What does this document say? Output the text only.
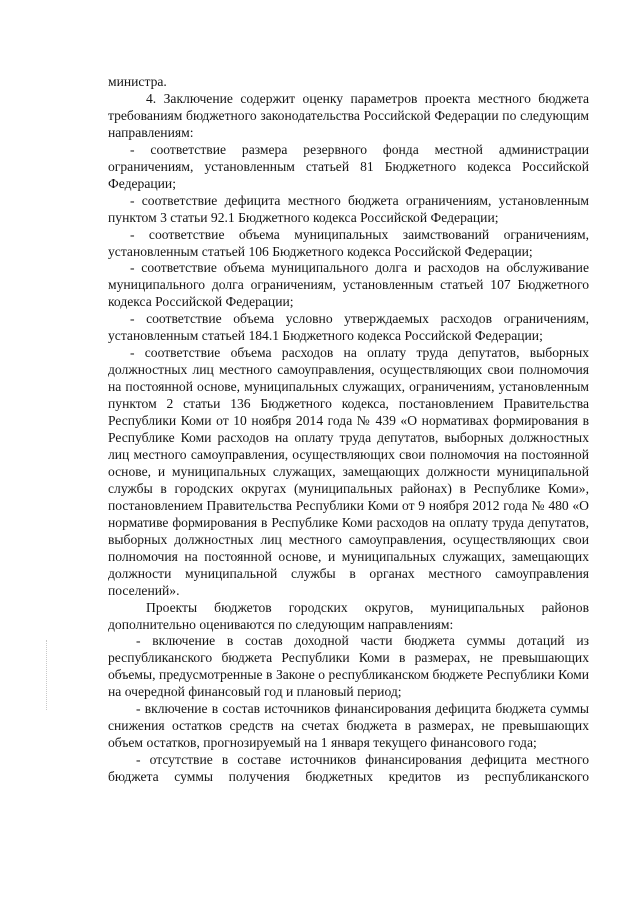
министра.

4. Заключение содержит оценку параметров проекта местного бюджета требованиям бюджетного законодательства Российской Федерации по следующим направлениям:

- соответствие размера резервного фонда местной администрации ограничениям, установленным статьей 81 Бюджетного кодекса Российской Федерации;

- соответствие дефицита местного бюджета ограничениям, установленным пунктом 3 статьи 92.1 Бюджетного кодекса Российской Федерации;

- соответствие объема муниципальных заимствований ограничениям, установленным статьей 106 Бюджетного кодекса Российской Федерации;

- соответствие объема муниципального долга и расходов на обслуживание муниципального долга ограничениям, установленным статьей 107 Бюджетного кодекса Российской Федерации;

- соответствие объема условно утверждаемых расходов ограничениям, установленным статьей 184.1 Бюджетного кодекса Российской Федерации;

- соответствие объема расходов на оплату труда депутатов, выборных должностных лиц местного самоуправления, осуществляющих свои полномочия на постоянной основе, муниципальных служащих, ограничениям, установленным пунктом 2 статьи 136 Бюджетного кодекса, постановлением Правительства Республики Коми от 10 ноября 2014 года № 439 «О нормативах формирования в Республике Коми расходов на оплату труда депутатов, выборных должностных лиц местного самоуправления, осуществляющих свои полномочия на постоянной основе, и муниципальных служащих, замещающих должности муниципальной службы в городских округах (муниципальных районах) в Республике Коми», постановлением Правительства Республики Коми от 9 ноября 2012 года № 480 «О нормативе формирования в Республике Коми расходов на оплату труда депутатов, выборных должностных лиц местного самоуправления, осуществляющих свои полномочия на постоянной основе, и муниципальных служащих, замещающих должности муниципальной службы в органах местного самоуправления поселений».

Проекты бюджетов городских округов, муниципальных районов дополнительно оцениваются по следующим направлениям:

- включение в состав доходной части бюджета суммы дотаций из республиканского бюджета Республики Коми в размерах, не превышающих объемы, предусмотренные в Законе о республиканском бюджете Республики Коми на очередной финансовый год и плановый период;

- включение в состав источников финансирования дефицита бюджета суммы снижения остатков средств на счетах бюджета в размерах, не превышающих объем остатков, прогнозируемый на 1 января текущего финансового года;

- отсутствие в составе источников финансирования дефицита местного бюджета суммы получения бюджетных кредитов из республиканского
